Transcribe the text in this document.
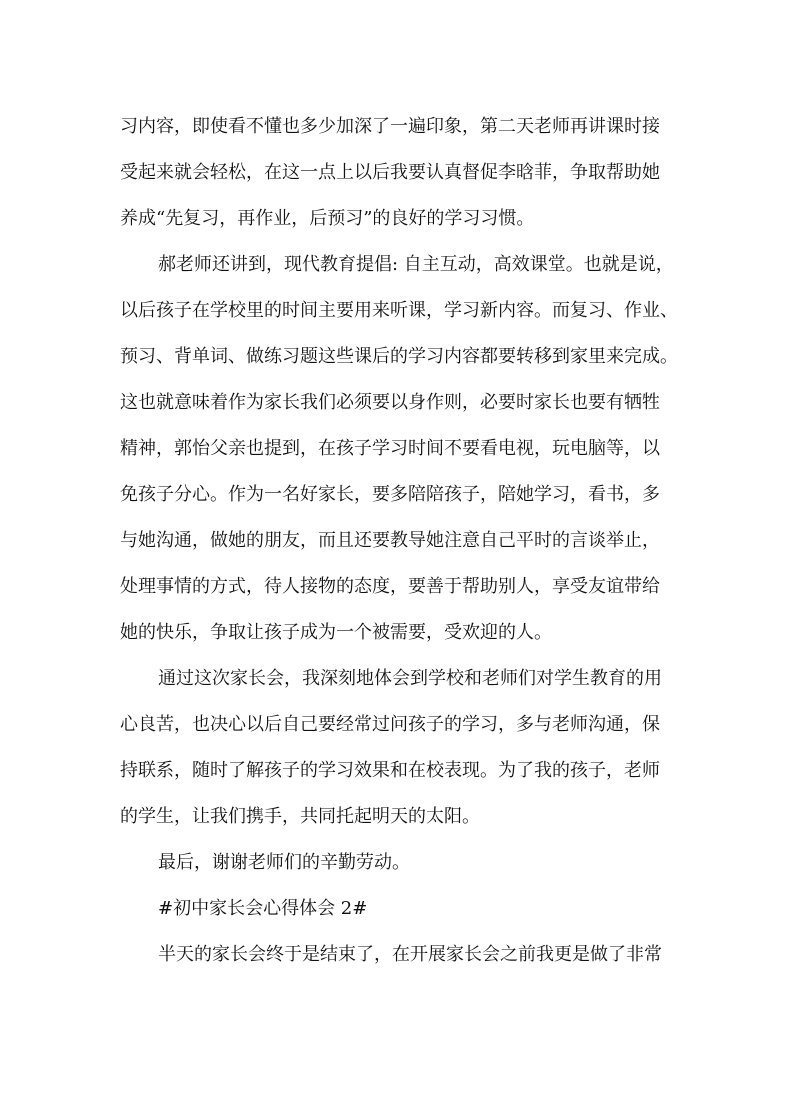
习内容，即使看不懂也多少加深了一遍印象，第二天老师再讲课时接
受起来就会轻松，在这一点上以后我要认真督促李晗菲，争取帮助她
养成“先复习，再作业，后预习”的良好的学习习惯。
郝老师还讲到，现代教育提倡: 自主互动，高效课堂。也就是说，
以后孩子在学校里的时间主要用来听课，学习新内容。而复习、作业、
预习、背单词、做练习题这些课后的学习内容都要转移到家里来完成。
这也就意味着作为家长我们必须要以身作则，必要时家长也要有牺牲
精神，郭怡父亲也提到，在孩子学习时间不要看电视，玩电脑等，以
免孩子分心。作为一名好家长，要多陪陪孩子，陪她学习，看书，多
与她沟通，做她的朋友，而且还要教导她注意自己平时的言谈举止，
处理事情的方式，待人接物的态度，要善于帮助别人，享受友谊带给
她的快乐，争取让孩子成为一个被需要，受欢迎的人。
通过这次家长会，我深刻地体会到学校和老师们对学生教育的用
心良苦，也决心以后自己要经常过问孩子的学习，多与老师沟通，保
持联系，随时了解孩子的学习效果和在校表现。为了我的孩子，老师
的学生，让我们携手，共同托起明天的太阳。
最后，谢谢老师们的辛勤劳动。
#初中家长会心得体会 2#
半天的家长会终于是结束了，在开展家长会之前我更是做了非常
